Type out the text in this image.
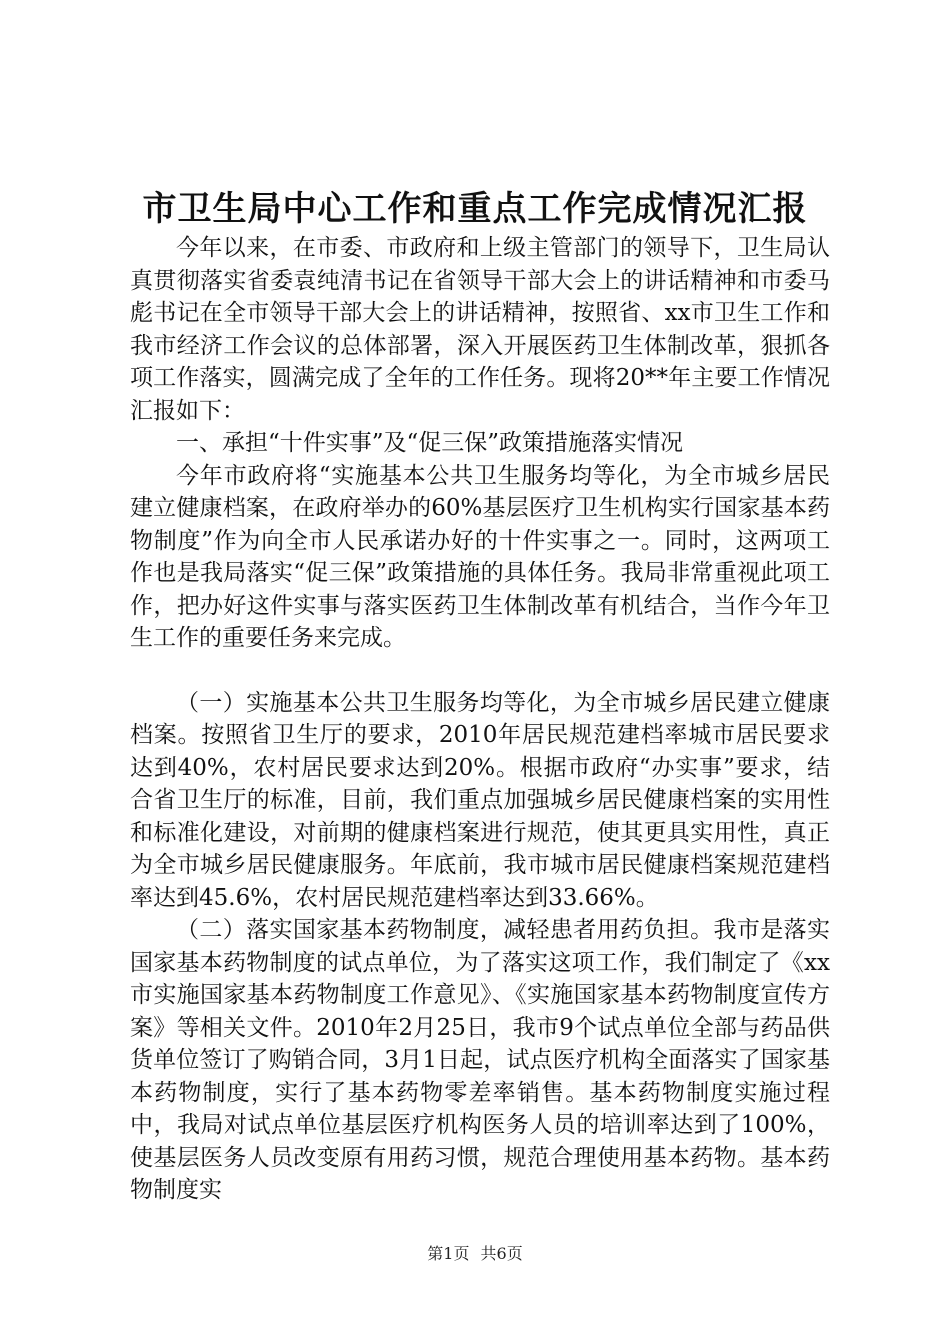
市卫生局中心工作和重点工作完成情况汇报

今年以来，在市委、市政府和上级主管部门的领导下，卫生局认真贯彻落实省委袁纯清书记在省领导干部大会上的讲话精神和市委马彪书记在全市领导干部大会上的讲话精神，按照省、xx市卫生工作和我市经济工作会议的总体部署，深入开展医药卫生体制改革，狠抓各项工作落实，圆满完成了全年的工作任务。现将20**年主要工作情况汇报如下：

一、承担“十件实事”及“促三保”政策措施落实情况

今年市政府将“实施基本公共卫生服务均等化，为全市城乡居民建立健康档案，在政府举办的60%基层医疗卫生机构实行国家基本药物制度”作为向全市人民承诺办好的十件实事之一。同时，这两项工作也是我局落实“促三保”政策措施的具体任务。我局非常重视此项工作，把办好这件实事与落实医药卫生体制改革有机结合，当作今年卫生工作的重要任务来完成。

（一）实施基本公共卫生服务均等化，为全市城乡居民建立健康档案。按照省卫生厅的要求，2010年居民规范建档率城市居民要求达到40%，农村居民要求达到20%。根据市政府“办实事”要求，结合省卫生厅的标准，目前，我们重点加强城乡居民健康档案的实用性和标准化建设，对前期的健康档案进行规范，使其更具实用性，真正为全市城乡居民健康服务。年底前，我市城市居民健康档案规范建档率达到45.6%，农村居民规范建档率达到33.66%。

（二）落实国家基本药物制度，减轻患者用药负担。我市是落实国家基本药物制度的试点单位，为了落实这项工作，我们制定了《xx市实施国家基本药物制度工作意见》、《实施国家基本药物制度宣传方案》等相关文件。2010年2月25日，我市9个试点单位全部与药品供货单位签订了购销合同，3月1日起，试点医疗机构全面落实了国家基本药物制度，实行了基本药物零差率销售。基本药物制度实施过程中，我局对试点单位基层医疗机构医务人员的培训率达到了100%，使基层医务人员改变原有用药习惯，规范合理使用基本药物。基本药物制度实

第1页 共6页
